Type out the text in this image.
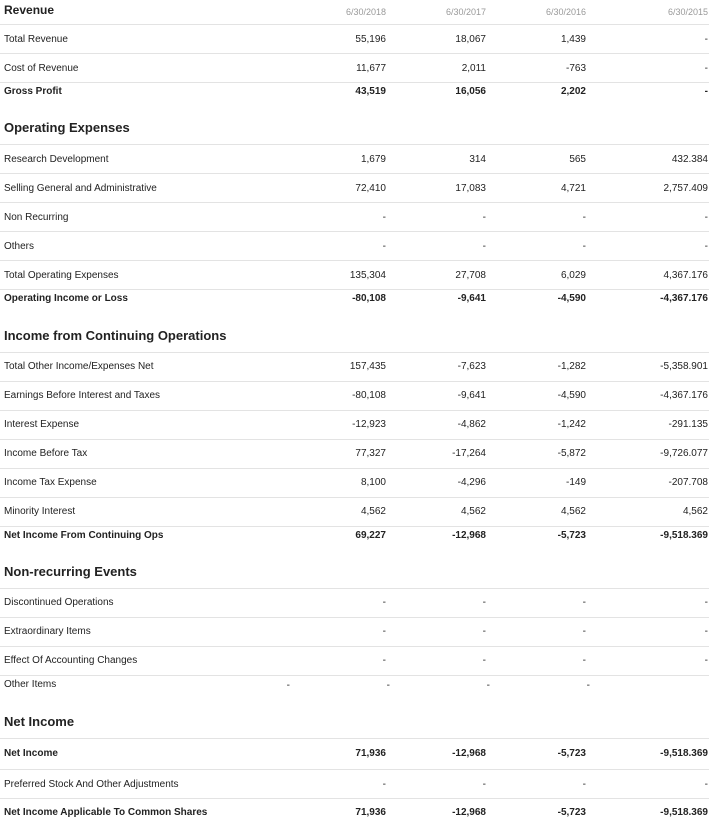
Revenue	6/30/2018	6/30/2017	6/30/2016	6/30/2015
Total Revenue	55,196	18,067	1,439	-
Cost of Revenue	11,677	2,011	-763	-
Gross Profit	43,519	16,056	2,202	-
Operating Expenses
Research Development	1,679	314	565	432.384
Selling General and Administrative	72,410	17,083	4,721	2,757.409
Non Recurring	-	-	-	-
Others	-	-	-	-
Total Operating Expenses	135,304	27,708	6,029	4,367.176
Operating Income or Loss	-80,108	-9,641	-4,590	-4,367.176
Income from Continuing Operations
Total Other Income/Expenses Net	157,435	-7,623	-1,282	-5,358.901
Earnings Before Interest and Taxes	-80,108	-9,641	-4,590	-4,367.176
Interest Expense	-12,923	-4,862	-1,242	-291.135
Income Before Tax	77,327	-17,264	-5,872	-9,726.077
Income Tax Expense	8,100	-4,296	-149	-207.708
Minority Interest	4,562	4,562	4,562	4,562
Net Income From Continuing Ops	69,227	-12,968	-5,723	-9,518.369
Non-recurring Events
Discontinued Operations	-	-	-	-
Extraordinary Items	-	-	-	-
Effect Of Accounting Changes	-	-	-	-
Other Items	-	-	-	-
Net Income
Net Income	71,936	-12,968	-5,723	-9,518.369
Preferred Stock And Other Adjustments	-	-	-	-
Net Income Applicable To Common Shares	71,936	-12,968	-5,723	-9,518.369
